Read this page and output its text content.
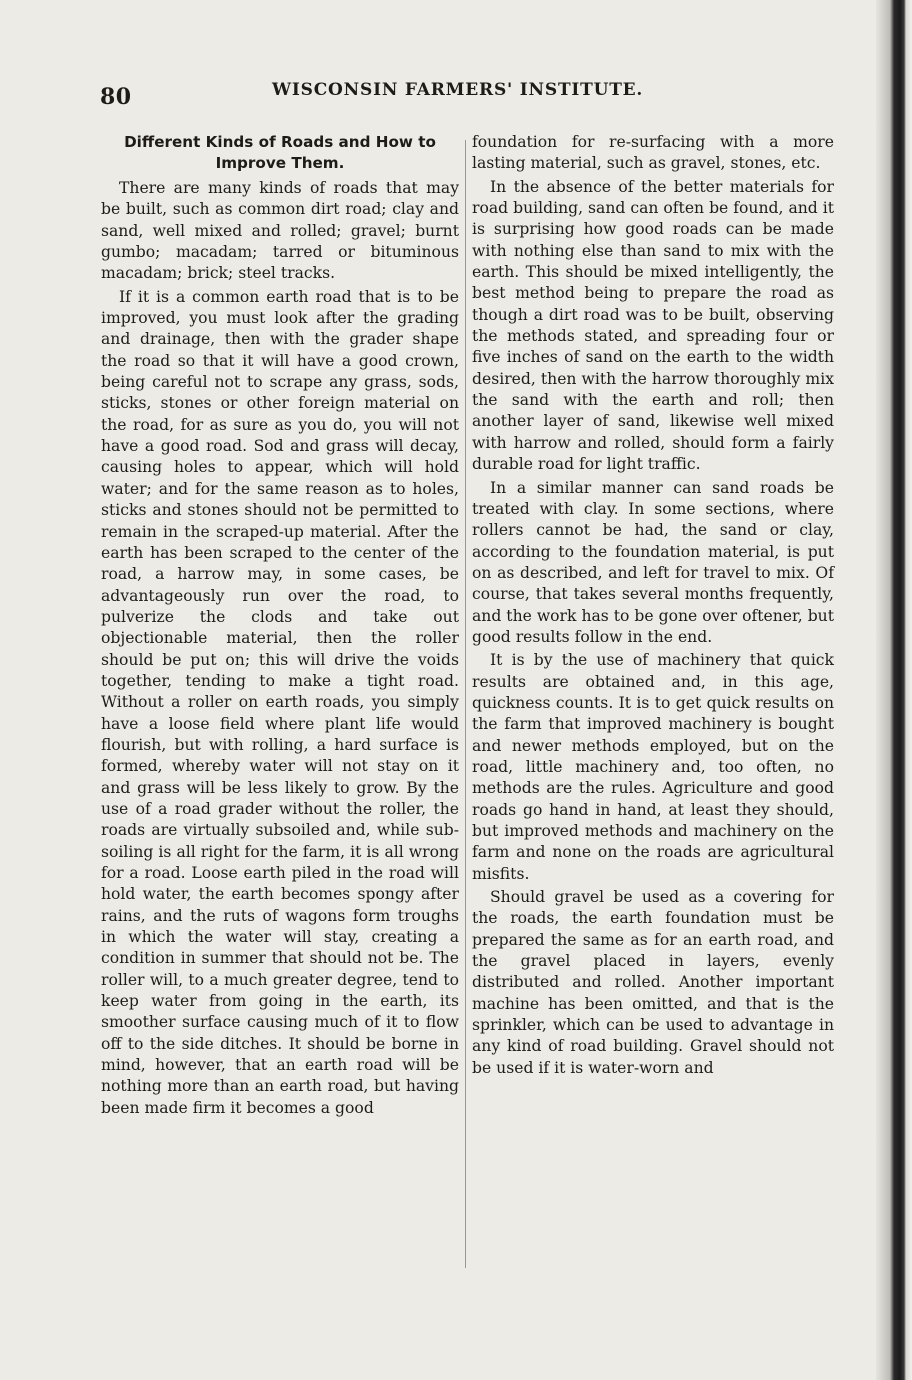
80	WISCONSIN FARMERS' INSTITUTE.
Different Kinds of Roads and How to Improve Them.

There are many kinds of roads that may be built, such as common dirt road; clay and sand, well mixed and rolled; gravel; burnt gumbo; macadam; tarred or bituminous macadam; brick; steel tracks.

If it is a common earth road that is to be improved, you must look after the grading and drainage, then with the grader shape the road so that it will have a good crown, being careful not to scrape any grass, sods, sticks, stones or other foreign material on the road, for as sure as you do, you will not have a good road. Sod and grass will decay, causing holes to appear, which will hold water; and for the same reason as to holes, sticks and stones should not be permitted to remain in the scraped-up material. After the earth has been scraped to the center of the road, a harrow may, in some cases, be advantageously run over the road, to pulverize the clods and take out objectionable material, then the roller should be put on; this will drive the voids together, tending to make a tight road. Without a roller on earth roads, you simply have a loose field where plant life would flourish, but with rolling, a hard surface is formed, whereby water will not stay on it and grass will be less likely to grow. By the use of a road grader without the roller, the roads are virtually subsoiled and, while sub-soiling is all right for the farm, it is all wrong for a road. Loose earth piled in the road will hold water, the earth becomes spongy after rains, and the ruts of wagons form troughs in which the water will stay, creating a condition in summer that should not be. The roller will, to a much greater degree, tend to keep water from going in the earth, its smoother surface causing much of it to flow off to the side ditches. It should be borne in mind, however, that an earth road will be nothing more than an earth road, but having been made firm it becomes a good

foundation for re-surfacing with a more lasting material, such as gravel, stones, etc.

In the absence of the better materials for road building, sand can often be found, and it is surprising how good roads can be made with nothing else than sand to mix with the earth. This should be mixed intelligently, the best method being to prepare the road as though a dirt road was to be built, observing the methods stated, and spreading four or five inches of sand on the earth to the width desired, then with the harrow thoroughly mix the sand with the earth and roll; then another layer of sand, likewise well mixed with harrow and rolled, should form a fairly durable road for light traffic.

In a similar manner can sand roads be treated with clay. In some sections, where rollers cannot be had, the sand or clay, according to the foundation material, is put on as described, and left for travel to mix. Of course, that takes several months frequently, and the work has to be gone over oftener, but good results follow in the end.

It is by the use of machinery that quick results are obtained and, in this age, quickness counts. It is to get quick results on the farm that improved machinery is bought and newer methods employed, but on the road, little machinery and, too often, no methods are the rules. Agriculture and good roads go hand in hand, at least they should, but improved methods and machinery on the farm and none on the roads are agricultural misfits.

Should gravel be used as a covering for the roads, the earth foundation must be prepared the same as for an earth road, and the gravel placed in layers, evenly distributed and rolled. Another important machine has been omitted, and that is the sprinkler, which can be used to advantage in any kind of road building. Gravel should not be used if it is water-worn and
